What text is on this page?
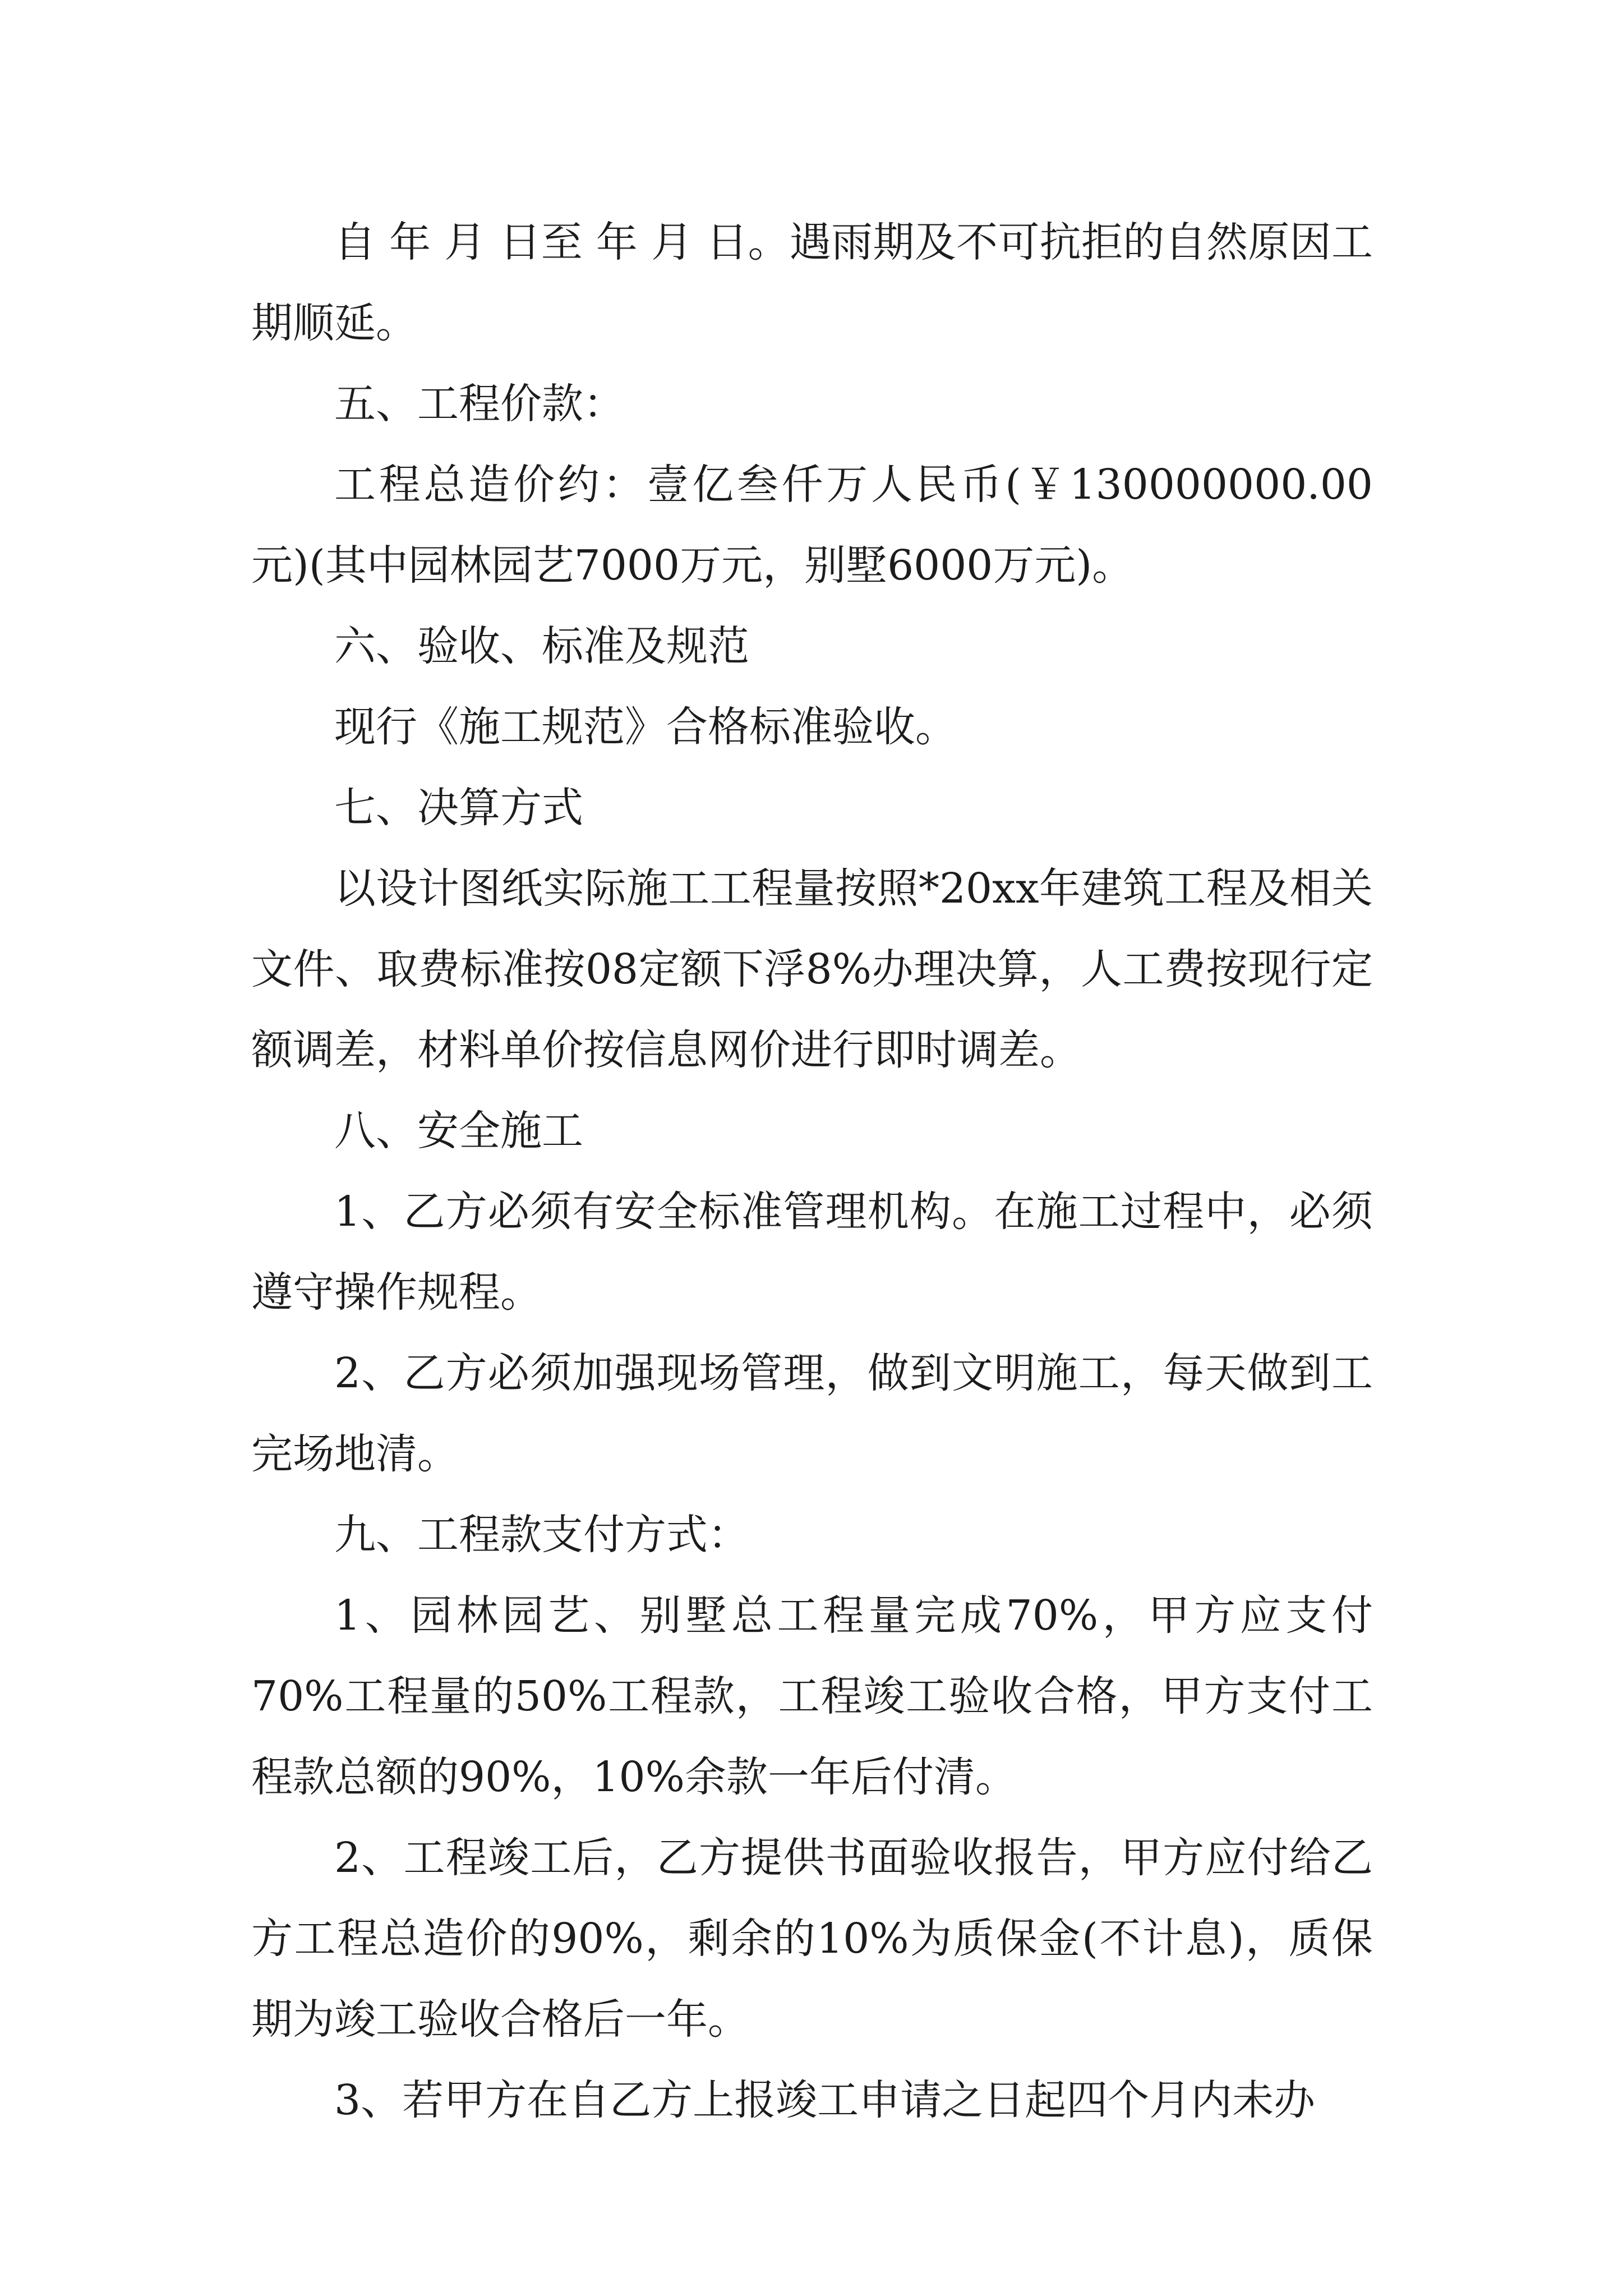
自 年 月 日至 年 月 日。遇雨期及不可抗拒的自然原因工期顺延。

五、工程价款：

工程总造价约：壹亿叁仟万人民币(￥130000000.00元)(其中园林园艺7000万元，别墅6000万元)。

六、验收、标准及规范

现行《施工规范》合格标准验收。

七、决算方式

以设计图纸实际施工工程量按照*20xx年建筑工程及相关文件、取费标准按08定额下浮8%办理决算，人工费按现行定额调差，材料单价按信息网价进行即时调差。

八、安全施工

1、乙方必须有安全标准管理机构。在施工过程中，必须遵守操作规程。

2、乙方必须加强现场管理，做到文明施工，每天做到工完场地清。

九、工程款支付方式：

1、园林园艺、别墅总工程量完成70%，甲方应支付70%工程量的50%工程款，工程竣工验收合格，甲方支付工程款总额的90%，10%余款一年后付清。

2、工程竣工后，乙方提供书面验收报告，甲方应付给乙方工程总造价的90%，剩余的10%为质保金(不计息)，质保期为竣工验收合格后一年。

3、若甲方在自乙方上报竣工申请之日起四个月内未办
